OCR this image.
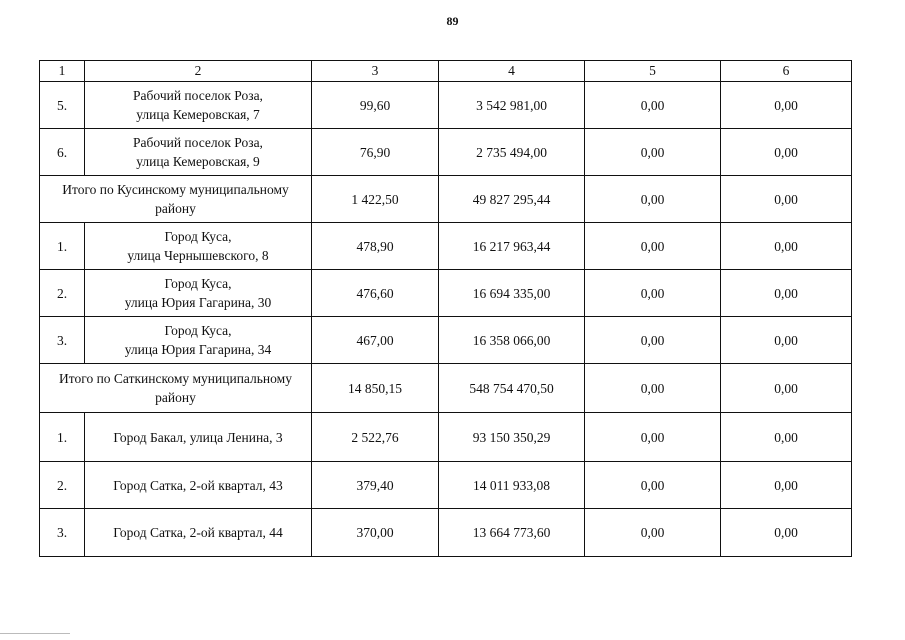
89
1	2	3	4	5	6
5.	Рабочий поселок Роза,
улица Кемеровская, 7	99,60	3 542 981,00	0,00	0,00
6.	Рабочий поселок Роза,
улица Кемеровская, 9	76,90	2 735 494,00	0,00	0,00
Итого по Кусинскому муниципальному
району		1 422,50	49 827 295,44	0,00	0,00
1.	Город Куса,
улица Чернышевского, 8	478,90	16 217 963,44	0,00	0,00
2.	Город Куса,
улица Юрия Гагарина, 30	476,60	16 694 335,00	0,00	0,00
3.	Город Куса,
улица Юрия Гагарина, 34	467,00	16 358 066,00	0,00	0,00
Итого по Саткинскому муниципальному
району		14 850,15	548 754 470,50	0,00	0,00
1.	Город Бакал, улица Ленина, 3	2 522,76	93 150 350,29	0,00	0,00
2.	Город Сатка, 2-ой квартал, 43	379,40	14 011 933,08	0,00	0,00
3.	Город Сатка, 2-ой квартал, 44	370,00	13 664 773,60	0,00	0,00
